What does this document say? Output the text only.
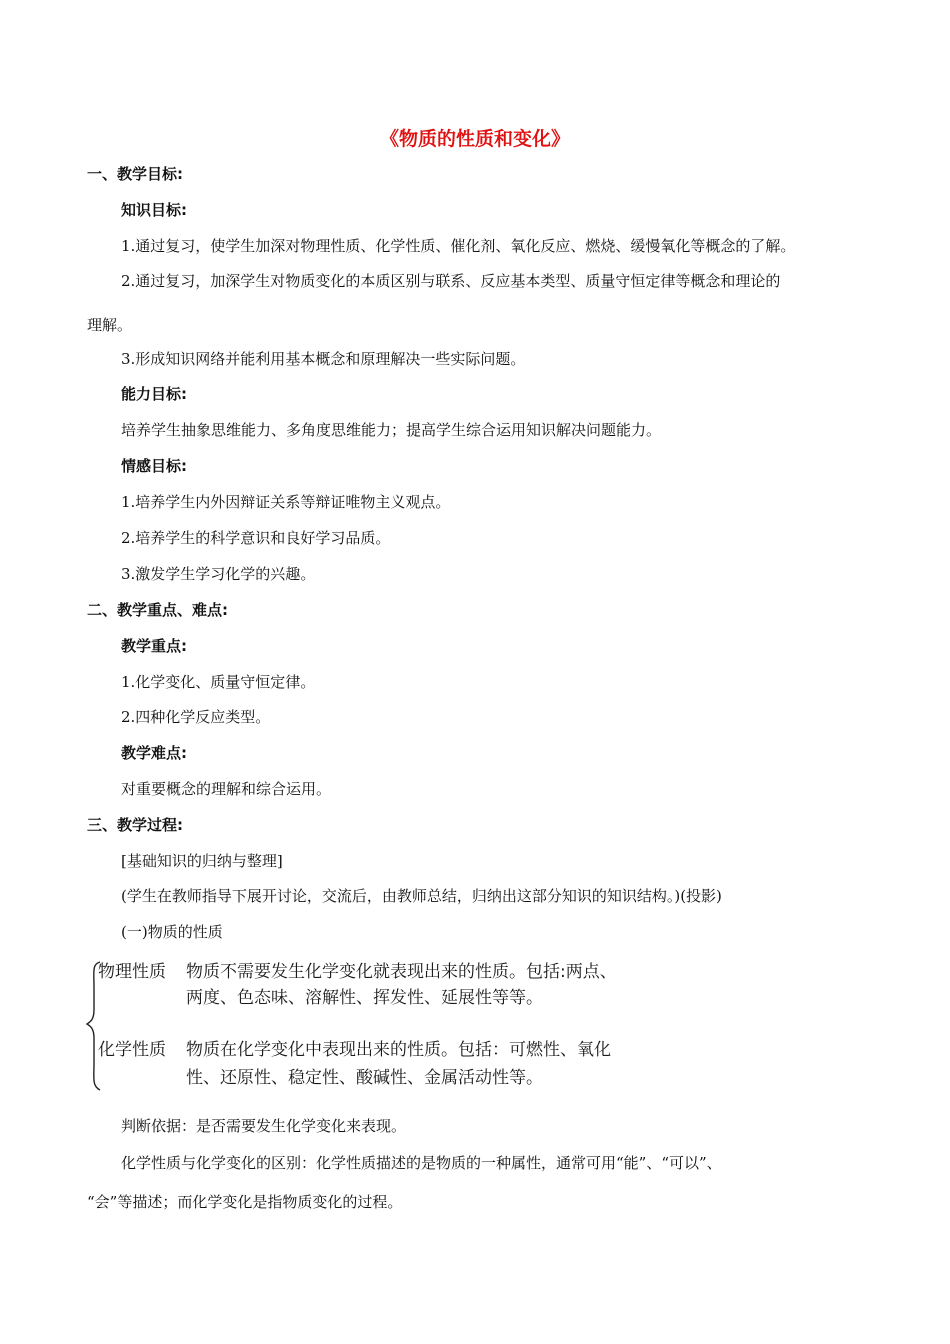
《物质的性质和变化》
一、教学目标:
知识目标:
1.通过复习，使学生加深对物理性质、化学性质、催化剂、氧化反应、燃烧、缓慢氧化等概念的了解。
2.通过复习，加深学生对物质变化的本质区别与联系、反应基本类型、质量守恒定律等概念和理论的
理解。
3.形成知识网络并能利用基本概念和原理解决一些实际问题。
能力目标:
培养学生抽象思维能力、多角度思维能力；提高学生综合运用知识解决问题能力。
情感目标:
1.培养学生内外因辩证关系等辩证唯物主义观点。
2.培养学生的科学意识和良好学习品质。
3.激发学生学习化学的兴趣。
二、教学重点、难点:
教学重点:
1.化学变化、质量守恒定律。
2.四种化学反应类型。
教学难点:
对重要概念的理解和综合运用。
三、教学过程:
[基础知识的归纳与整理]
(学生在教师指导下展开讨论，交流后，由教师总结，归纳出这部分知识的知识结构。)(投影)
(一)物质的性质
物理性质 物质不需要发生化学变化就表现出来的性质。包括:两点、
两度、色态味、溶解性、挥发性、延展性等等。
化学性质 物质在化学变化中表现出来的性质。包括：可燃性、氧化
性、还原性、稳定性、酸碱性、金属活动性等。
判断依据：是否需要发生化学变化来表现。
化学性质与化学变化的区别：化学性质描述的是物质的一种属性，通常可用“能”、“可以”、
“会”等描述；而化学变化是指物质变化的过程。
